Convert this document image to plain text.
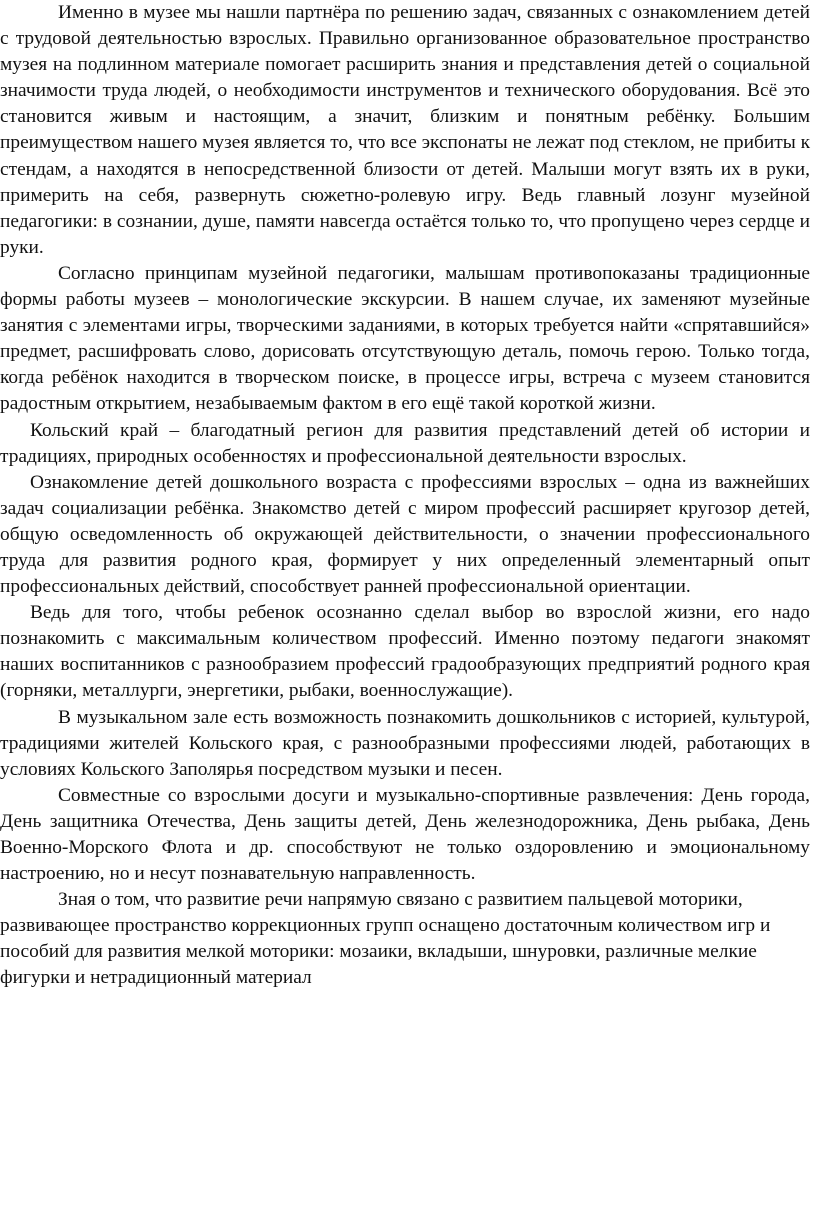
Именно в музее мы нашли партнёра по решению задач, связанных с ознакомлением детей с трудовой деятельностью взрослых. Правильно организованное образовательное пространство музея на подлинном материале помогает расширить знания и представления детей о социальной значимости труда людей, о необходимости инструментов и технического оборудования. Всё это становится живым и настоящим, а значит, близким и понятным ребёнку. Большим преимуществом нашего музея является то, что все экспонаты не лежат под стеклом, не прибиты к стендам, а находятся в непосредственной близости от детей. Малыши могут взять их в руки, примерить на себя, развернуть сюжетно-ролевую игру. Ведь главный лозунг музейной педагогики: в сознании, душе, памяти навсегда остаётся только то, что пропущено через сердце и руки.

Согласно принципам музейной педагогики, малышам противопоказаны традиционные формы работы музеев – монологические экскурсии. В нашем случае, их заменяют музейные занятия с элементами игры, творческими заданиями, в которых требуется найти «спрятавшийся» предмет, расшифровать слово, дорисовать отсутствующую деталь, помочь герою. Только тогда, когда ребёнок находится в творческом поиске, в процессе игры, встреча с музеем становится радостным открытием, незабываемым фактом в его ещё такой короткой жизни.

Кольский край – благодатный регион для развития представлений детей об истории и традициях, природных особенностях и профессиональной деятельности взрослых.

Ознакомление детей дошкольного возраста с профессиями взрослых – одна из важнейших задач социализации ребёнка. Знакомство детей с миром профессий расширяет кругозор детей, общую осведомленность об окружающей действительности, о значении профессионального труда для развития родного края, формирует у них определенный элементарный опыт профессиональных действий, способствует ранней профессиональной ориентации.

Ведь для того, чтобы ребенок осознанно сделал выбор во взрослой жизни, его надо познакомить с максимальным количеством профессий. Именно поэтому педагоги знакомят наших воспитанников с разнообразием профессий градообразующих предприятий родного края (горняки, металлурги, энергетики, рыбаки, военнослужащие).

В музыкальном зале есть возможность познакомить дошкольников с историей, культурой, традициями жителей Кольского края, с разнообразными профессиями людей, работающих в условиях Кольского Заполярья посредством музыки и песен.

Совместные со взрослыми досуги и музыкально-спортивные развлечения: День города, День защитника Отечества, День защиты детей, День железнодорожника, День рыбака, День Военно-Морского Флота и др. способствуют не только оздоровлению и эмоциональному настроению, но и несут познавательную направленность.

Зная о том, что развитие речи напрямую связано с развитием пальцевой моторики, развивающее пространство коррекционных групп оснащено достаточным количеством игр и пособий для развития мелкой моторики: мозаики, вкладыши, шнуровки, различные мелкие фигурки и нетрадиционный материал
